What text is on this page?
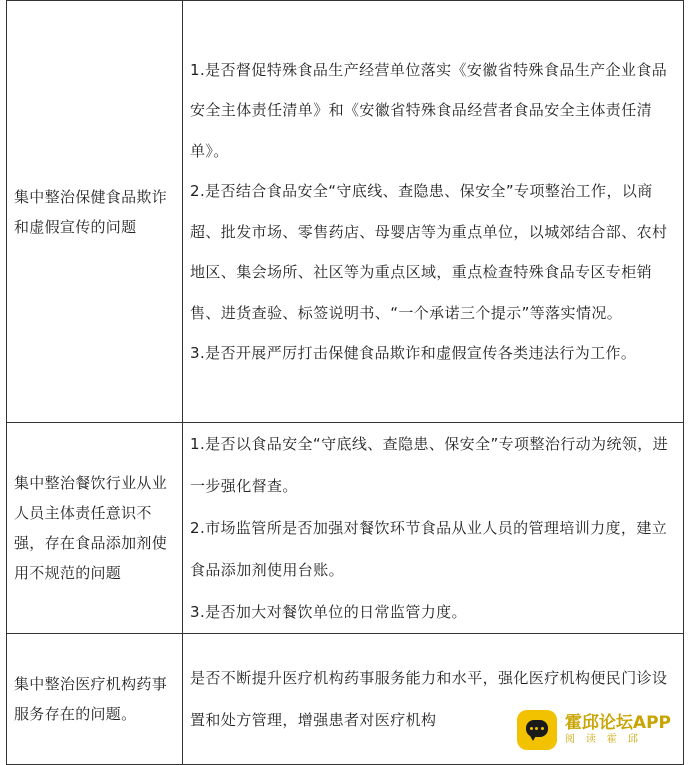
集中整治保健食品欺诈和虚假宣传的问题	1.是否督促特殊食品生产经营单位落实《安徽省特殊食品生产企业食品安全主体责任清单》和《安徽省特殊食品经营者食品安全主体责任清单》。

2.是否结合食品安全“守底线、查隐患、保安全”专项整治工作，以商超、批发市场、零售药店、母婴店等为重点单位，以城郊结合部、农村地区、集会场所、社区等为重点区域，重点检查特殊食品专区专柜销售、进货查验、标签说明书、“一个承诺三个提示”等落实情况。

3.是否开展严厉打击保健食品欺诈和虚假宣传各类违法行为工作。

集中整治餐饮行业从业人员主体责任意识不强，存在食品添加剂使用不规范的问题	1.是否以食品安全“守底线、查隐患、保安全”专项整治行动为统领，进一步强化督查。

2.市场监管所是否加强对餐饮环节食品从业人员的管理培训力度，建立食品添加剂使用台账。

3.是否加大对餐饮单位的日常监管力度。

集中整治医疗机构药事服务存在的问题。	是否不断提升医疗机构药事服务能力和水平，强化医疗机构便民门诊设置和处方管理，增强患者对医疗机构	霍邱论坛APP
阅读霍邱
